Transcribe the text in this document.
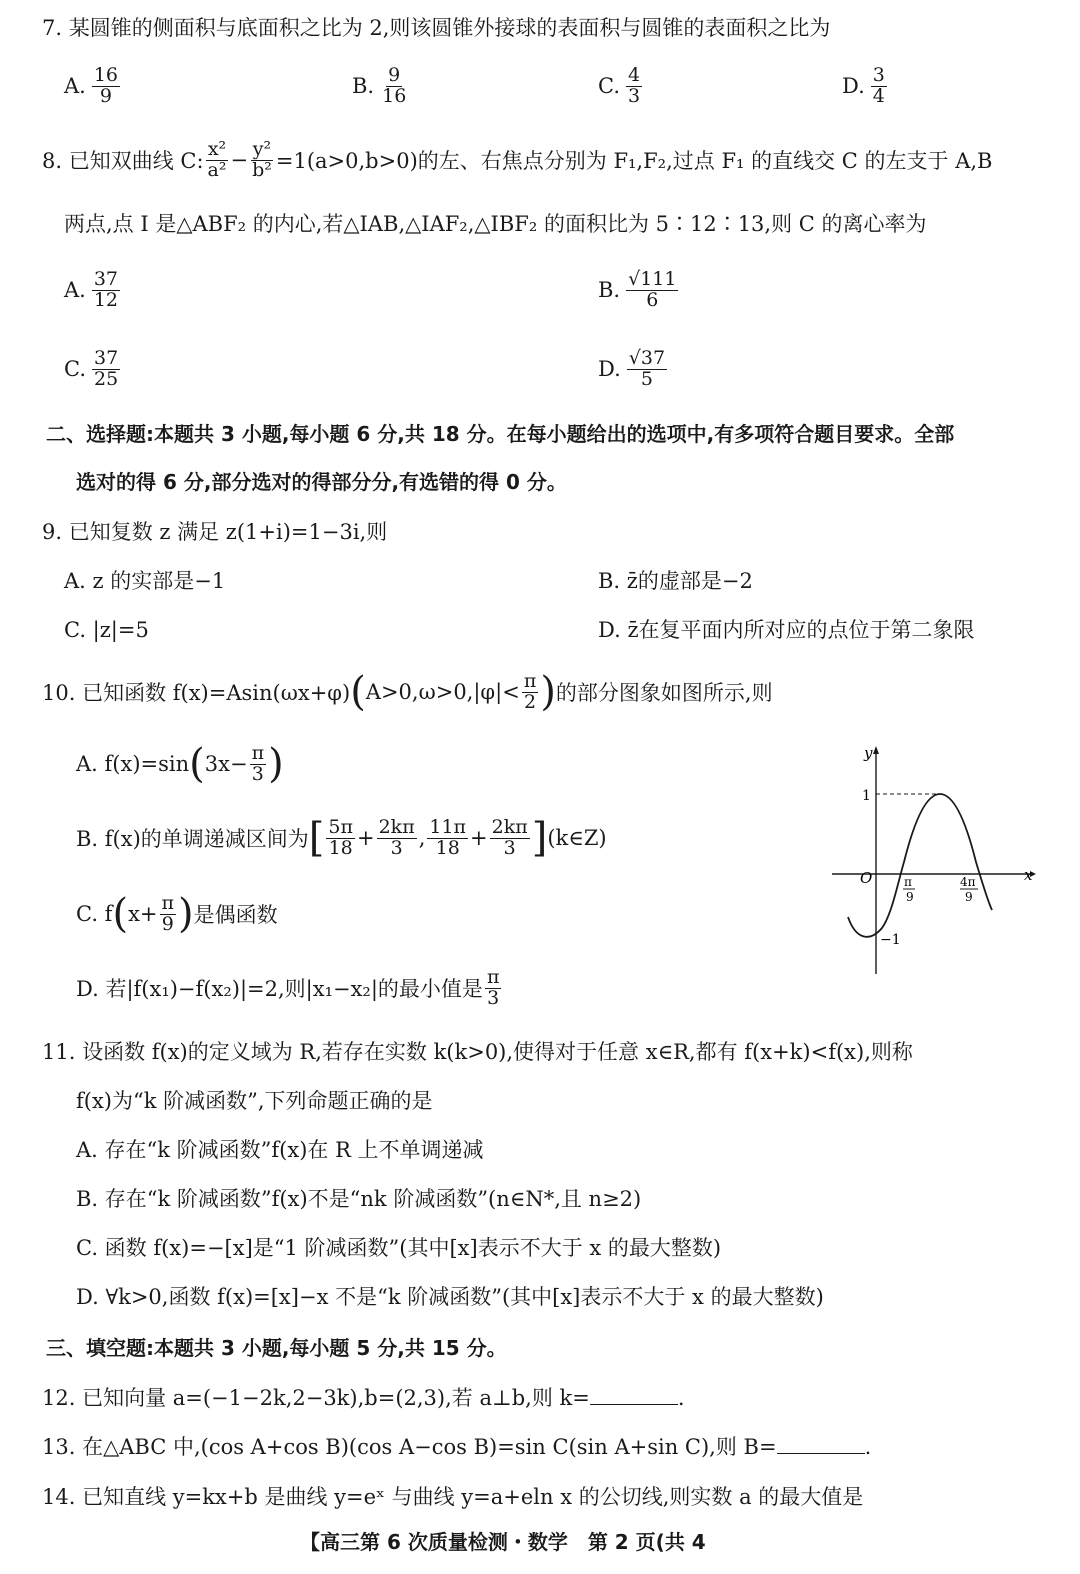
7. 某圆锥的侧面积与底面积之比为 2,则该圆锥外接球的表面积与圆锥的表面积之比为
A. $\frac{16}{9}$	B. $\frac{9}{16}$	C. $\frac{4}{3}$	D. $\frac{3}{4}$
8. 已知双曲线 C: $\frac{\text{x²}}{\text{a²}} - \frac{\text{y²}}{\text{b²}} =1(a>0,b>0)$的左、右焦点分别为 F₁,F₂,过点 F₁ 的直线交 C 的左支于 A,B
两点,点 I 是△ABF₂ 的内心,若△IAB,△IAF₂,△IBF₂ 的面积比为 5∶12∶13,则 C 的离心率为
A. $\frac{37}{12}$	B. $\frac{√111}{6}$
C. $\frac{37}{25}$	D. $\frac{√37}{5}$
二、选择题:本题共 3 小题,每小题 6 分,共 18 分。在每小题给出的选项中,有多项符合题目要求。全部
选对的得 6 分,部分选对的得部分分,有选错的得 0 分。
9. 已知复数 z 满足 z(1+i)=1−3i,则
A. z 的实部是−1	B. z̄的虚部是−2
C. |z|=5	D. z̄在复平面内所对应的点位于第二象限
10. 已知函数 f(x)=Asin(ωx+φ) ( $A>0,\omega>0,|\varphi|< \frac{\pi}{2}$ ) 的部分图象如图所示,则
A. f(x)=sin ( $3x- \frac{\pi}{3}$ )
B. f(x)的单调递减区间为 [ $\frac{5\pi}{18} + \frac{2k\pi}{3}$ , $\frac{11\pi}{18} + \frac{2k\pi}{3}$ ] (k∈Z)
C. f ( $x+ \frac{\pi}{9}$ ) 是偶函数
D. 若|f(x₁)−f(x₂)|=2,则|x₁−x₂|的最小值是 $\frac{\pi}{3}$
y
x
O
1
−1
π
9
4π
9
11. 设函数 f(x)的定义域为 R,若存在实数 k(k>0),使得对于任意 x∈R,都有 f(x+k)<f(x),则称
f(x)为“k 阶减函数”,下列命题正确的是
A. 存在“k 阶减函数”f(x)在 R 上不单调递减
B. 存在“k 阶减函数”f(x)不是“nk 阶减函数”(n∈N*,且 n≥2)
C. 函数 f(x)=−[x]是“1 阶减函数”(其中[x]表示不大于 x 的最大整数)
D. ∀k>0,函数 f(x)=[x]−x 不是“k 阶减函数”(其中[x]表示不大于 x 的最大整数)
三、填空题:本题共 3 小题,每小题 5 分,共 15 分。
12. 已知向量 a=(−1−2k,2−3k),b=(2,3),若 a⊥b,则 k=	.
13. 在△ABC 中,(cos A+cos B)(cos A−cos B)=sin C(sin A+sin C),则 B=	.
14. 已知直线 y=kx+b 是曲线 y=eˣ 与曲线 y=a+eln x 的公切线,则实数 a 的最大值是
【高三第 6 次质量检测・数学　第 2 页(共 4
